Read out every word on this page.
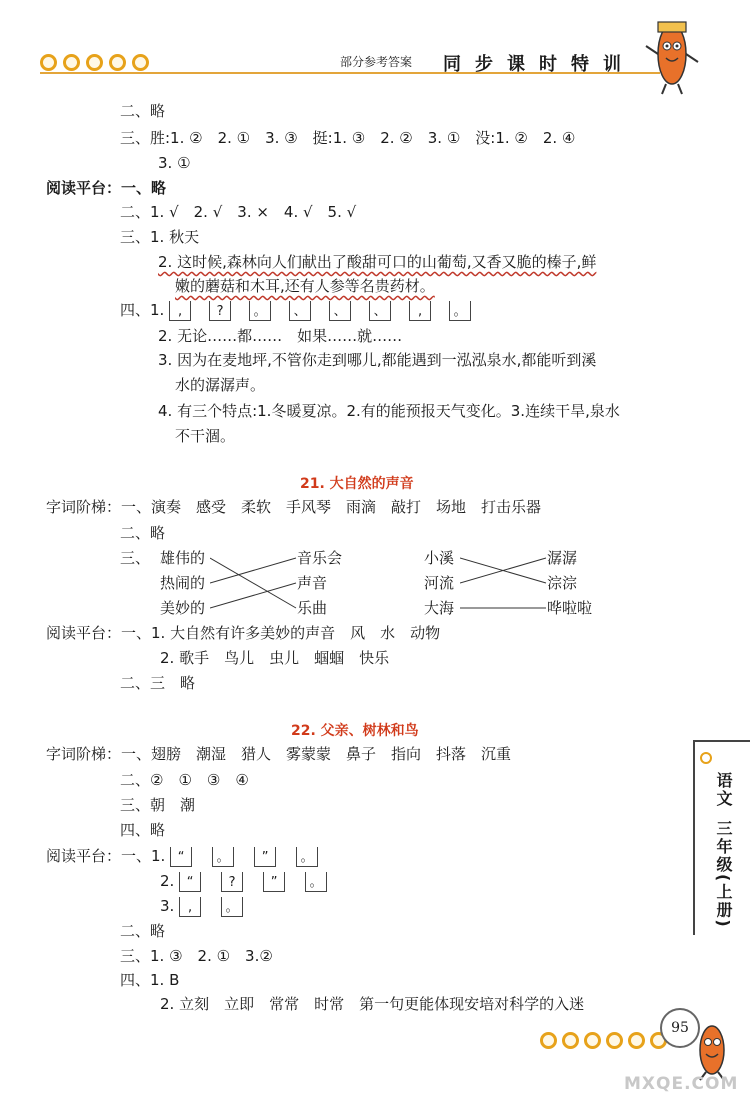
部分参考答案 同步课时特训
二、略
三、胜:1. ②　2. ①　3. ③　挺:1. ③　2. ②　3. ①　没:1. ②　2. ④
3. ①
阅读平台：一、略
二、1. √　2. √　3. ×　4. √　5. √
三、1. 秋天
2. 这时候,森林向人们献出了酸甜可口的山葡萄,又香又脆的榛子,鲜
嫩的蘑菇和木耳,还有人参等名贵药材。
四、1.	,	?	。	、	、	、	,	。
2. 无论……都……　如果……就……
3. 因为在麦地坪,不管你走到哪儿,都能遇到一泓泓泉水,都能听到溪
水的潺潺声。
4. 有三个特点:1.冬暖夏凉。2.有的能预报天气变化。3.连续干旱,泉水
不干涸。
21. 大自然的声音
字词阶梯：一、演奏　感受　柔软　手风琴　雨滴　敲打　场地　打击乐器
二、略
三、 雄伟的
热闹的
美妙的
音乐会
声音
乐曲
小溪
河流
大海
潺潺
淙淙
哗啦啦
阅读平台：一、1. 大自然有许多美妙的声音　风　水　动物
2. 歌手　鸟儿　虫儿　蝈蝈　快乐
二、三　略
22. 父亲、树林和鸟
字词阶梯：一、翅膀　潮湿　猎人　雾蒙蒙　鼻子　指向　抖落　沉重
二、②　①　③　④
三、朝　潮
四、略
阅读平台：一、1. “	。	”	。
2. “	?	”	。
3.	,	。
二、略
三、1. ③　2. ①　3.②
四、1. B
2. 立刻　立即　常常　时常　第一句更能体现安培对科学的入迷
语文
三年级(上册)
95
MXQE.COM
